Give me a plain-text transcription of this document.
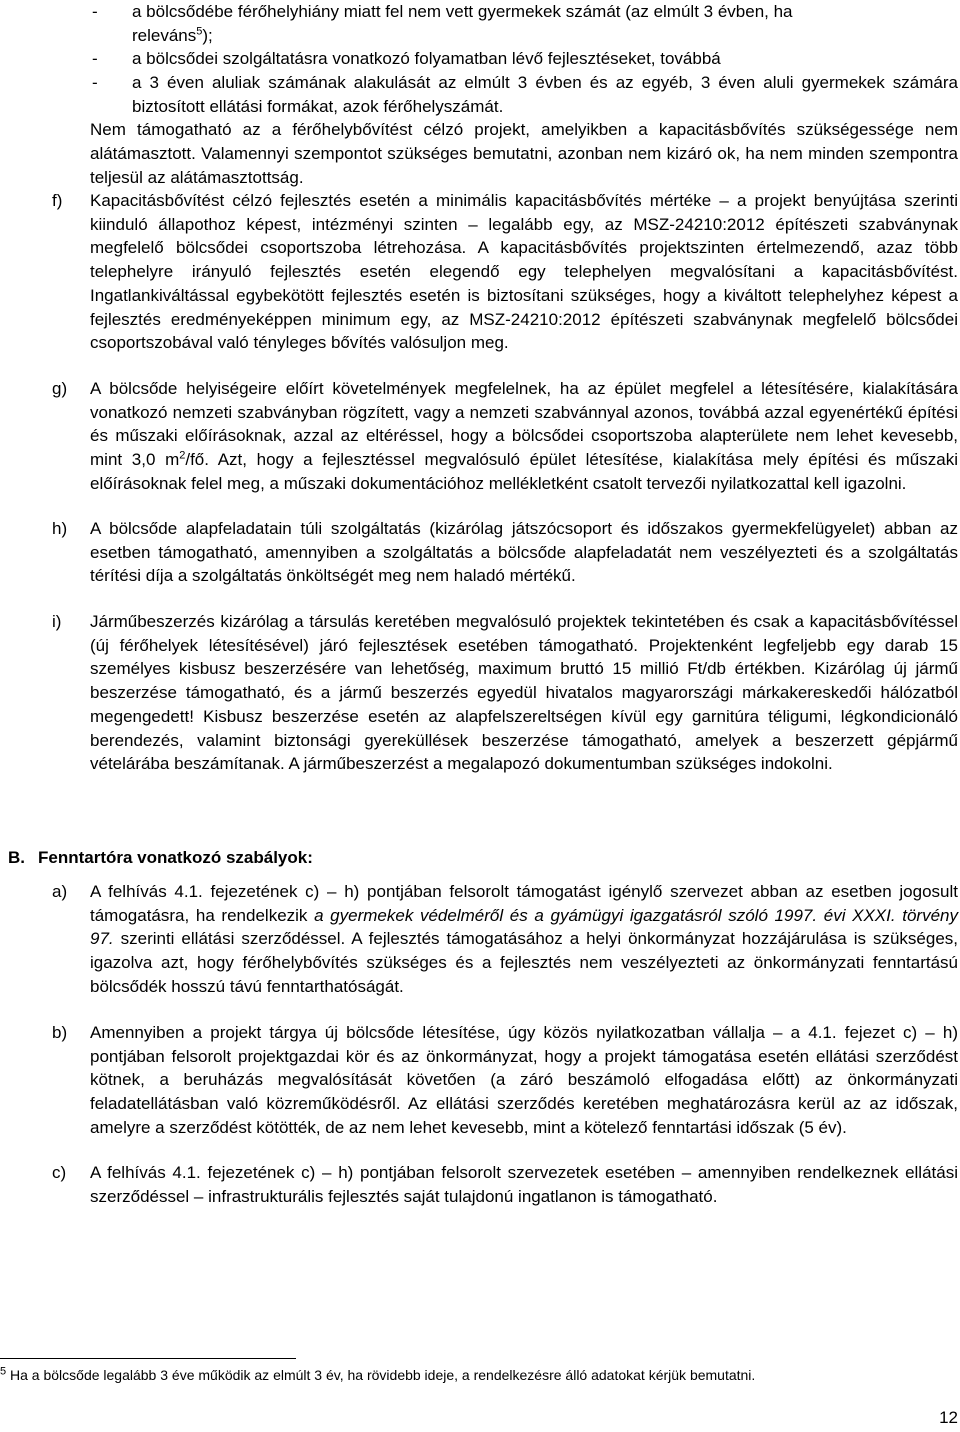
- a bölcsődébe férőhelyhiány miatt fel nem vett gyermekek számát (az elmúlt 3 évben, ha
releváns$^5$);
- a bölcsődei szolgáltatásra vonatkozó folyamatban lévő fejlesztéseket, továbbá
- a 3 éven aluliak számának alakulását az elmúlt 3 évben és az egyéb, 3 éven aluli gyermekek számára biztosított ellátási formákat, azok férőhelyszámát.
Nem támogatható az a férőhelybővítést célzó projekt, amelyikben a kapacitásbővítés szükségessége nem alátámasztott. Valamennyi szempontot szükséges bemutatni, azonban nem kizáró ok, ha nem minden szempontra teljesül az alátámasztottság.
f) Kapacitásbővítést célzó fejlesztés esetén a minimális kapacitásbővítés mértéke – a projekt benyújtása szerinti kiinduló állapothoz képest, intézményi szinten – legalább egy, az MSZ-24210:2012 építészeti szabványnak megfelelő bölcsődei csoportszoba létrehozása. A kapacitásbővítés projektszinten értelmezendő, azaz több telephelyre irányuló fejlesztés esetén elegendő egy telephelyen megvalósítani a kapacitásbővítést. Ingatlankiváltással egybekötött fejlesztés esetén is biztosítani szükséges, hogy a kiváltott telephelyhez képest a fejlesztés eredményeképpen minimum egy, az MSZ-24210:2012 építészeti szabványnak megfelelő bölcsődei csoportszobával való tényleges bővítés valósuljon meg.
g) A bölcsőde helyiségeire előírt követelmények megfelelnek, ha az épület megfelel a létesítésére, kialakítására vonatkozó nemzeti szabványban rögzített, vagy a nemzeti szabvánnyal azonos, továbbá azzal egyenértékű építési és műszaki előírásoknak, azzal az eltéréssel, hogy a bölcsődei csoportszoba alapterülete nem lehet kevesebb, mint 3,0 $m^2/fő$. Azt, hogy a fejlesztéssel megvalósuló épület létesítése, kialakítása mely építési és műszaki előírásoknak felel meg, a műszaki dokumentációhoz mellékletként csatolt tervezői nyilatkozattal kell igazolni.
h) A bölcsőde alapfeladatain túli szolgáltatás (kizárólag játszócsoport és időszakos gyermekfelügyelet) abban az esetben támogatható, amennyiben a szolgáltatás a bölcsőde alapfeladatát nem veszélyezteti és a szolgáltatás térítési díja a szolgáltatás önköltségét meg nem haladó mértékű.
i) Járműbeszerzés kizárólag a társulás keretében megvalósuló projektek tekintetében és csak a kapacitásbővítéssel (új férőhelyek létesítésével) járó fejlesztések esetében támogatható. Projektenként legfeljebb egy darab 15 személyes kisbusz beszerzésére van lehetőség, maximum bruttó 15 millió Ft/db értékben. Kizárólag új jármű beszerzése támogatható, és a jármű beszerzés egyedül hivatalos magyarországi márkakereskedői hálózatból megengedett! Kisbusz beszerzése esetén az alapfelszereltségen kívül egy garnitúra téligumi, légkondicionáló berendezés, valamint biztonsági gyereküllések beszerzése támogatható, amelyek a beszerzett gépjármű vételárába beszámítanak. A járműbeszerzést a megalapozó dokumentumban szükséges indokolni.
B. Fenntartóra vonatkozó szabályok:
a) A felhívás 4.1. fejezetének c) – h) pontjában felsorolt támogatást igénylő szervezet abban az esetben jogosult támogatásra, ha rendelkezik a gyermekek védelméről és a gyámügyi igazgatásról szóló 1997. évi XXXI. törvény 97. szerinti ellátási szerződéssel. A fejlesztés támogatásához a helyi önkormányzat hozzájárulása is szükséges, igazolva azt, hogy férőhelybővítés szükséges és a fejlesztés nem veszélyezteti az önkormányzati fenntartású bölcsődék hosszú távú fenntarthatóságát.
b) Amennyiben a projekt tárgya új bölcsőde létesítése, úgy közös nyilatkozatban vállalja – a 4.1. fejezet c) – h) pontjában felsorolt projektgazdai kör és az önkormányzat, hogy a projekt támogatása esetén ellátási szerződést kötnek, a beruházás megvalósítását követően (a záró beszámoló elfogadása előtt) az önkormányzati feladatellátásban való közreműködésről. Az ellátási szerződés keretében meghatározásra kerül az az időszak, amelyre a szerződést kötötték, de az nem lehet kevesebb, mint a kötelező fenntartási időszak (5 év).
c) A felhívás 4.1. fejezetének c) – h) pontjában felsorolt szervezetek esetében – amennyiben rendelkeznek ellátási szerződéssel – infrastrukturális fejlesztés saját tulajdonú ingatlanon is támogatható.
$^5$ Ha a bölcsőde legalább 3 éve működik az elmúlt 3 év, ha rövidebb ideje, a rendelkezésre álló adatokat kérjük bemutatni.
12
